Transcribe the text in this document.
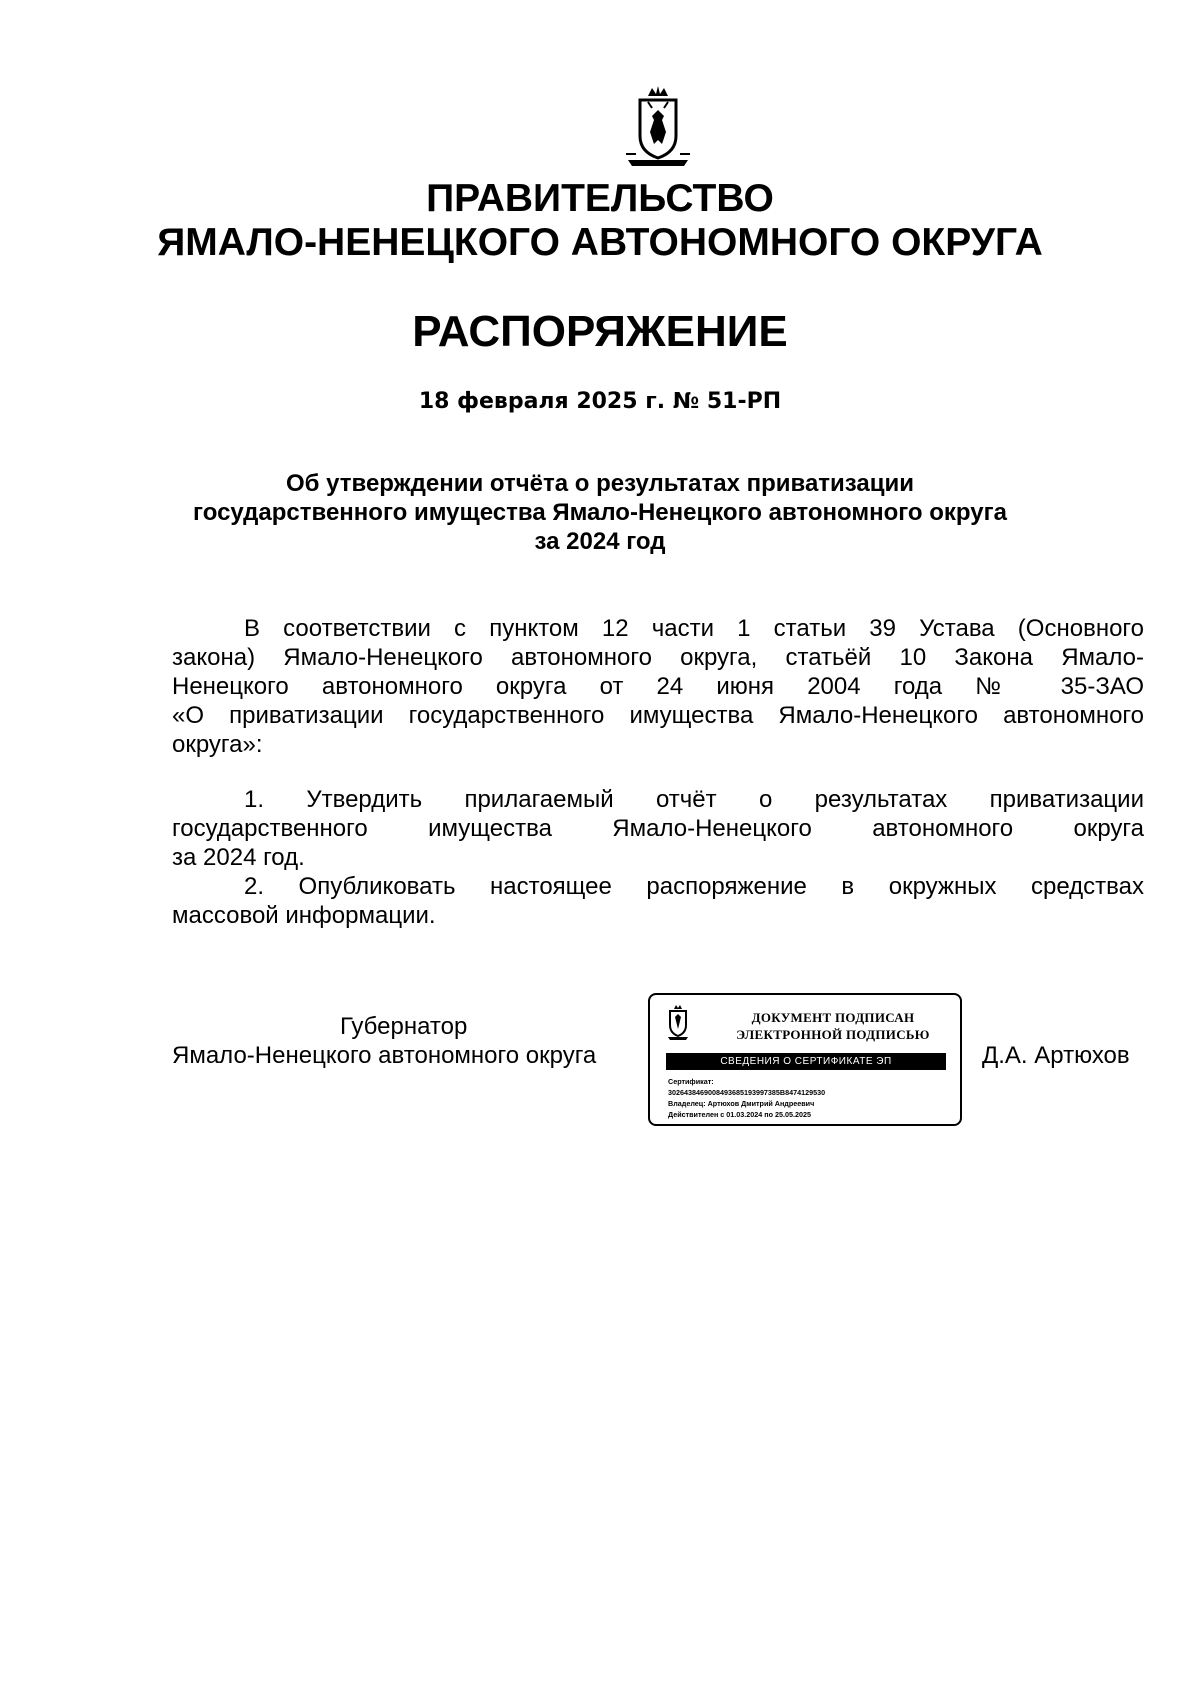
ПРАВИТЕЛЬСТВО
ЯМАЛО-НЕНЕЦКОГО АВТОНОМНОГО ОКРУГА
РАСПОРЯЖЕНИЕ
18 февраля 2025 г. № 51-РП
Об утверждении отчёта о результатах приватизации
государственного имущества Ямало-Ненецкого автономного округа
за 2024 год
В соответствии с пунктом 12 части 1 статьи 39 Устава (Основного
закона) Ямало-Ненецкого автономного округа, статьёй 10 Закона Ямало-
Ненецкого автономного округа от 24 июня 2004 года № 35-ЗАО
«О приватизации государственного имущества Ямало-Ненецкого автономного
округа»:
1. Утвердить прилагаемый отчёт о результатах приватизации
государственного имущества Ямало-Ненецкого автономного округа
за 2024 год.
2. Опубликовать настоящее распоряжение в окружных средствах
массовой информации.
Губернатор
Ямало-Ненецкого автономного округа
ДОКУМЕНТ ПОДПИСАН
ЭЛЕКТРОННОЙ ПОДПИСЬЮ
СВЕДЕНИЯ О СЕРТИФИКАТЕ ЭП
Сертификат:
3026438469008493685193997385B8474129530
Владелец: Артюхов Дмитрий Андреевич
Действителен с 01.03.2024 по 25.05.2025
Д.А. Артюхов
